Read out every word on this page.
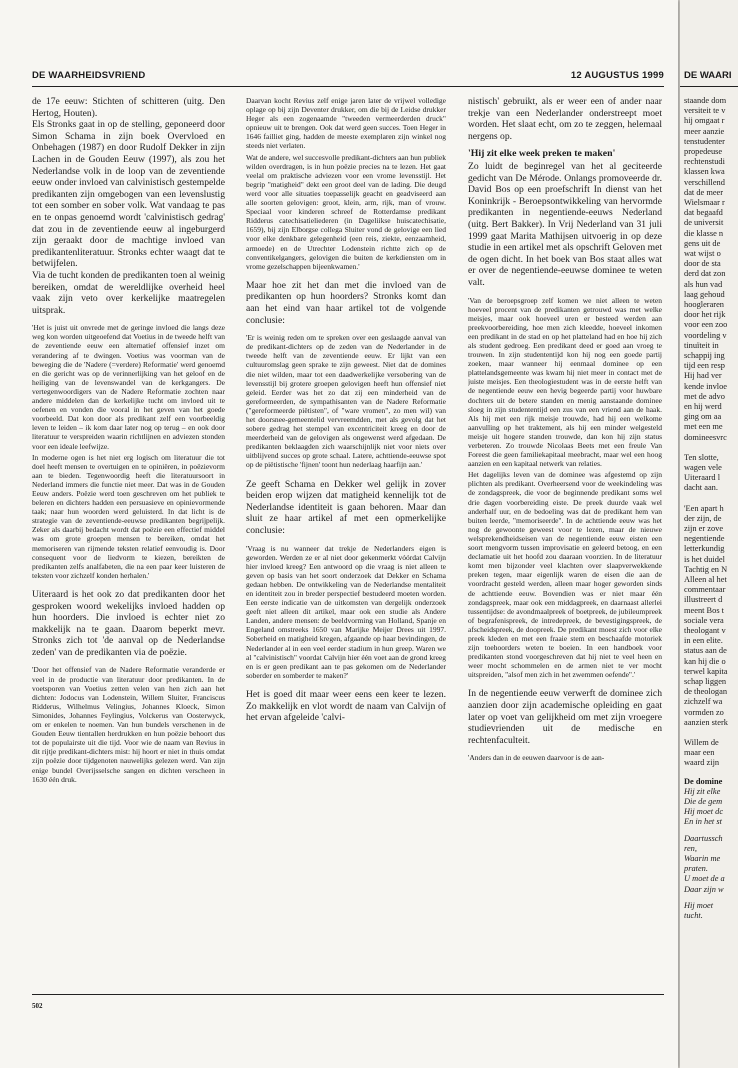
DE WAARHEIDSVRIEND	12 AUGUSTUS 1999

de 17e eeuw: Stichten of schitteren (uitg. Den Hertog, Houten).

Els Stronks gaat in op de stelling, geponeerd door Simon Schama in zijn boek Overvloed en Onbehagen (1987) en door Rudolf Dekker in zijn Lachen in de Gouden Eeuw (1997), als zou het Nederlandse volk in de loop van de zeventiende eeuw onder invloed van calvinistisch gestempelde predikanten zijn omgebogen van een levenslustig tot een somber en sober volk. Wat vandaag te pas en te onpas genoemd wordt 'calvinistisch gedrag' dat zou in de zeventiende eeuw al ingeburgerd zijn geraakt door de machtige invloed van predikantenliteratuur. Stronks echter waagt dat te betwijfelen.

Via de tucht konden de predikanten toen al weinig bereiken, omdat de wereldlijke overheid heel vaak zijn veto over kerkelijke maatregelen uitsprak.

'Het is juist uit onvrede met de geringe invloed die langs deze weg kon worden uitgeoefend dat Voetius in de tweede helft van de zeventiende eeuw een alternatief offensief inzet om verandering af te dwingen. Voetius was voorman van de beweging die de 'Nadere (=verdere) Reformatie' werd genoemd en die gericht was op de verinnerlijking van het geloof en de heiliging van de levenswandel van de kerkgangers. De vertegenwoordigers van de Nadere Reformatie zochten naar andere middelen dan de kerkelijke tucht om invloed uit te oefenen en vonden die vooral in het geven van het goede voorbeeld. Dat kon door als predikant zelf een voorbeeldig leven te leiden – ik kom daar later nog op terug – en ook door literatuur te verspreiden waarin richtlijnen en adviezen stonden voor een ideale leefwijze.

In moderne ogen is het niet erg logisch om literatuur die tot doel heeft mensen te overtuigen en te opiniëren, in poëzievorm aan te bieden. Tegenwoordig heeft die literatuursoort in Nederland immers die functie niet meer. Dat was in de Gouden Eeuw anders. Poëzie werd toen geschreven om het publiek te beleren en dichters hadden een persuasieve en opinievormende taak; naar hun woorden werd geluisterd. In dat licht is de strategie van de zeventiende-eeuwse predikanten begrijpelijk. Zeker als daarbij bedacht wordt dat poëzie een effectief middel was om grote groepen mensen te bereiken, omdat het memoriseren van rijmende teksten relatief eenvoudig is. Door consequent voor de liedvorm te kiezen, bereikten de predikanten zelfs analfabeten, die na een paar keer luisteren de teksten voor zichzelf konden herhalen.'

Uiteraard is het ook zo dat predikanten door het gesproken woord wekelijks invloed hadden op hun hoorders. Die invloed is echter niet zo makkelijk na te gaan. Daarom beperkt mevr. Stronks zich tot 'de aanval op de Nederlandse zeden' van de predikanten via de poëzie.

'Door het offensief van de Nadere Reformatie veranderde er veel in de productie van literatuur door predikanten. In de voetsporen van Voetius zetten velen van hen zich aan het dichten: Jodocus van Lodenstein, Willem Sluiter, Franciscus Ridderus, Wilhelmus Velingius, Johannes Kloeck, Simon Simonides, Johannes Feylingius, Volckerus van Oosterwyck, om er enkelen te noemen. Van hun bundels verschenen in de Gouden Eeuw tientallen herdrukken en hun poëzie behoort dus tot de populairste uit die tijd. Voor wie de naam van Revius in dit rijtje predikant-dichters mist: hij hoort er niet in thuis omdat zijn poëzie door tijdgenoten nauwelijks gelezen werd. Van zijn enige bundel Overijsselsche sangen en dichten verscheen in 1630 één druk.

Daarvan kocht Revius zelf enige jaren later de vrijwel volledige oplage op bij zijn Deventer drukker, om die bij de Leidse drukker Heger als een zogenaamde "tweeden vermeerderden druck" opnieuw uit te brengen. Ook dat werd geen succes. Toen Heger in 1646 failliet ging, hadden de meeste exemplaren zijn winkel nog steeds niet verlaten.

Wat de andere, wel succesvolle predikant-dichters aan hun publiek wilden overdragen, is in hun poëzie precies na te lezen. Het gaat veelal om praktische adviezen voor een vrome levensstijl. Het begrip "matigheid" dekt een groot deel van de lading. Die deugd werd voor alle situaties toepasselijk geacht en geadviseerd aan alle soorten gelovigen: groot, klein, arm, rijk, man of vrouw. Speciaal voor kinderen schreef de Rotterdamse predikant Ridderus catechisatieliederen (in Dageliiksе huiscatechisatie, 1659), bij zijn Elborgse collega Sluiter vond de gelovige een lied voor elke denkbare gelegenheid (een reis, ziekte, eenzaamheid, armoede) en de Utrechter Lodenstein richtte zich op de conventikelgangers, gelovigen die buiten de kerkdiensten om in vrome gezelschappen bijeenkwamen.'

Maar hoe zit het dan met die invloed van de predikanten op hun hoorders? Stronks komt dan aan het eind van haar artikel tot de volgende conclusie:

'Er is weinig reden om te spreken over een geslaagde aanval van de predikant-dichters op de zeden van de Nederlander in de tweede helft van de zeventiende eeuw. Er lijkt van een cultuuromslag geen sprake te zijn geweest. Niet dat de domines die niet wilden, maar tot een daadwerkelijke versobering van de levensstijl bij grotere groepen gelovigen heeft hun offensief niet geleid. Eerder was het zo dat zij een minderheid van de gereformeerden, de sympathisanten van de Nadere Reformatie ("gereformeerde piëtisten", of "ware vromen", zo men wil) van het doorsnee-gemeentelid vervreemdden, met als gevolg dat het sobere gedrag het stempel van excentriciteit kreeg en door de meerderheid van de gelovigen als ongewenst werd afgedaan. De predikanten beklaagden zich waarschijnlijk niet voor niets over uitblijvend succes op grote schaal. Latere, achttiende-eeuwse spot op de piëtistische 'fijnen' toont hun nederlaag haarfijn aan.'

Ze geeft Schama en Dekker wel gelijk in zover beiden erop wijzen dat matigheid kennelijk tot de Nederlandse identiteit is gaan behoren. Maar dan sluit ze haar artikel af met een opmerkelijke conclusie:

'Vraag is nu wanneer dat trekje de Nederlanders eigen is geworden. Werden ze er al niet door gekenmerkt vóórdat Calvijn hier invloed kreeg? Een antwoord op die vraag is niet alleen te geven op basis van het soort onderzoek dat Dekker en Schama gedaan hebben. De ontwikkeling van de Nederlandse mentaliteit en identiteit zou in breder perspectief bestudeerd moeten worden. Een eerste indicatie van de uitkomsten van dergelijk onderzoek geeft niet alleen dit artikel, maar ook een studie als Andere Landen, andere mensen: de beeldvorming van Holland, Spanje en Engeland omstreeks 1650 van Marijke Meijer Drees uit 1997. Soberheid en matigheid kregen, afgaande op haar bevindingen, de Nederlander al in een veel eerder stadium in hun greep. Waren we al "calvinistisch" voordat Calvijn hier één voet aan de grond kreeg en is er geen predikant aan te pas gekomen om de Nederlander soberder en somberder te maken?'

Het is goed dit maar weer eens een keer te lezen. Zo makkelijk en vlot wordt de naam van Calvijn of het ervan afgeleide 'calvi-

nistisch' gebruikt, als er weer een of ander naar trekje van een Nederlander onderstreept moet worden. Het slaat echt, om zo te zeggen, helemaal nergens op.

'Hij zit elke week preken te maken'

Zo luidt de beginregel van het al geciteerde gedicht van De Mérode. Onlangs promoveerde dr. David Bos op een proefschrift In dienst van het Koninkrijk - Beroepsontwikkeling van hervormde predikanten in negentiende-eeuws Nederland (uitg. Bert Bakker). In Vrij Nederland van 31 juli 1999 gaat Marita Mathijsen uitvoerig in op deze studie in een artikel met als opschrift Geloven met de ogen dicht. In het boek van Bos staat alles wat er over de negentiende-eeuwse dominee te weten valt.

'Van de beroepsgroep zelf komen we niet alleen te weten hoeveel procent van de predikanten getrouwd was met welke meisjes, maar ook hoeveel uren er besteed werden aan preekvoorbereiding, hoe men zich kleedde, hoeveel inkomen een predikant in de stad en op het platteland had en hoe hij zich als student gedroeg. Een predikant deed er goed aan vroeg te trouwen. In zijn studententijd kon hij nog een goede partij zoeken, maar wanneer hij eenmaal dominee op een plattelandsgemeente was kwam hij niet meer in contact met de juiste meisjes. Een theologiestudent was in de eerste helft van de negentiende eeuw een hevig begeerde partij voor huwbare dochters uit de betere standen en menig aanstaande dominee sloeg in zijn studententijd een zus van een vriend aan de haak. Als hij met een rijk meisje trouwde, had hij een welkome aanvulling op het traktement, als hij een minder welgesteld meisje uit hogere standen trouwde, dan kon hij zijn status verbeteren. Zo trouwde Nicolaas Beets met een freule Van Foreest die geen familiekapitaal meebracht, maar wel een hoog aanzien en een kapitaal netwerk van relaties.

Het dagelijks leven van de dominee was afgestemd op zijn plichten als predikant. Overheersend voor de weekindeling was de zondagspreek, die voor de beginnende predikant soms wel drie dagen voorbereiding eiste. De preek duurde vaak wel anderhalf uur, en de bedoeling was dat de predikant hem van buiten leerde, "memoriseerde". In de achttiende eeuw was het nog de gewoonte geweest voor te lezen, maar de nieuwe welsprekendheidseisen van de negentiende eeuw eisten een soort mengvorm tussen improvisatie en geleerd betoog, en een declamatie uit het hoofd zou daaraan voorzien. In de literatuur komt men bijzonder veel klachten over slaapverwekkende preken tegen, maar eigenlijk waren de eisen die aan de voordracht gesteld werden, alleen maar hoger geworden sinds de achttiende eeuw. Bovendien was er niet maar één zondagspreek, maar ook een middagpreek, en daarnaast allerlei tussentijdse: de avondmaalpreek of boetpreek, de jubileumpreek of begrafenispreek, de intredepreek, de bevestigingspreek, de afscheidspreek, de doopreek. De predikant moest zich voor elke preek kleden en met een fraaie stem en beschaafde motoriek zijn toehoorders weten te boeien. In een handboek voor predikanten stond voorgeschreven dat hij niet te veel heen en weer mocht schommelen en de armen niet te ver mocht uitspreiden, "alsof men zich in het zwemmen oefende".'

In de negentiende eeuw verwerft de dominee zich aanzien door zijn academische opleiding en gaat later op voet van gelijkheid om met zijn vroegere studievrienden uit de medische en rechtenfaculteit.

'Anders dan in de eeuwen daarvoor is de aan-

502
DE WAARI
staande dom
versiteit te v
hij omgaat r
meer aanzie
tenstudenter
propedeuse
rechtenstudi
klassen kwa
verschillend
dat de meer
Wielsmaar r
dat begaafd
de universit
die klasse n
gens uit de
wat wijst o
door de sta
derd dat zon
als hun vad
laag gehoud
hoogleraren
door het rijk
voor een zoo
voordeling v
tinuïteit in
schappij ing
tijd een resp
Hij had ver
kende invloe
met de advo
en hij werd
ging om aa
met een me
domineesvrc
Ten slotte,
wagen vele
Uiteraard l
dacht aan.
'Een apart h
der zijn, de
zijn er zove
negentiende
letterkundig
is het duidel
Tachtig en N
Alleen al het
commentaar
illustreert d
meent Bos t
sociale vera
theologant v
in een elite.
status aan de
kan hij die o
terwel kapita
schap liggen
de theologan
zichzelf wa
vormden zo
aanzien sterk
Willem de
maar een
waard zijn
De domine
Hij zit elke
Die de gem
Hij moet dc
En in het st
Daartussch
ren,
Waarin me
praten.
U moet de a
Daar zijn w
Hij moet
tucht.
